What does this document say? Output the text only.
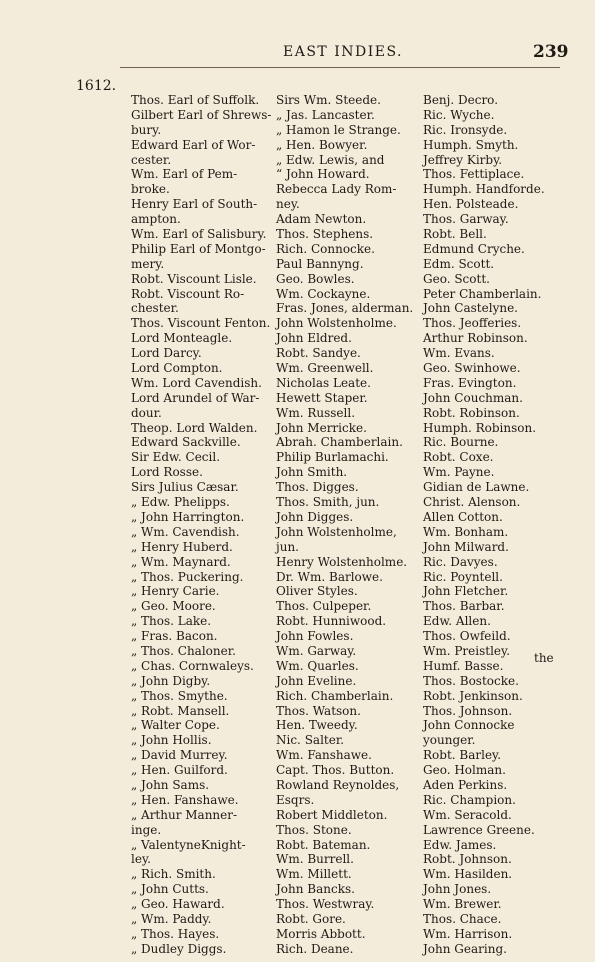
EAST INDIES.	239
1612.
Thos. Earl of Suffolk.
Gilbert Earl of Shrews-
bury.
Edward Earl of Wor-
cester.
Wm. Earl of Pem-
broke.
Henry Earl of South-
ampton.
Wm. Earl of Salisbury.
Philip Earl of Montgo-
mery.
Robt. Viscount Lisle.
Robt. Viscount Ro-
chester.
Thos. Viscount Fenton.
Lord Monteagle.
Lord Darcy.
Lord Compton.
Wm. Lord Cavendish.
Lord Arundel of War-
dour.
Theop. Lord Walden.
Edward Sackville.
Sir Edw. Cecil.
Lord Rosse.
Sirs Julius Cæsar.
„ Edw. Phelipps.
„ John Harrington.
„ Wm. Cavendish.
„ Henry Huberd.
„ Wm. Maynard.
„ Thos. Puckering.
„ Henry Carie.
„ Geo. Moore.
„ Thos. Lake.
„ Fras. Bacon.
„ Thos. Chaloner.
„ Chas. Cornwaleys.
„ John Digby.
„ Thos. Smythe.
„ Robt. Mansell.
„ Walter Cope.
„ John Hollis.
„ David Murrey.
„ Hen. Guilford.
„ John Sams.
„ Hen. Fanshawe.
„ Arthur Manner-
inge.
„ ValentyneKnight-
ley.
„ Rich. Smith.
„ John Cutts.
„ Geo. Haward.
„ Wm. Paddy.
„ Thos. Hayes.
„ Dudley Diggs.
Sirs Wm. Steede.
„ Jas. Lancaster.
„ Hamon le Strange.
„ Hen. Bowyer.
„ Edw. Lewis, and
“ John Howard.
Rebecca Lady Rom-
ney.
Adam Newton.
Thos. Stephens.
Rich. Connocke.
Paul Bannyng.
Geo. Bowles.
Wm. Cockayne.
Fras. Jones, alderman.
John Wolstenholme.
John Eldred.
Robt. Sandye.
Wm. Greenwell.
Nicholas Leate.
Hewett Staper.
Wm. Russell.
John Merricke.
Abrah. Chamberlain.
Philip Burlamachi.
John Smith.
Thos. Digges.
Thos. Smith, jun.
John Digges.
John Wolstenholme,
jun.
Henry Wolstenholme.
Dr. Wm. Barlowe.
Oliver Styles.
Thos. Culpeper.
Robt. Hunniwood.
John Fowles.
Wm. Garway.
Wm. Quarles.
John Eveline.
Rich. Chamberlain.
Thos. Watson.
Hen. Tweedy.
Nic. Salter.
Wm. Fanshawe.
Capt. Thos. Button.
Rowland Reynoldes,
Esqrs.
Robert Middleton.
Thos. Stone.
Robt. Bateman.
Wm. Burrell.
Wm. Millett.
John Bancks.
Thos. Westwray.
Robt. Gore.
Morris Abbott.
Rich. Deane.
Benj. Decro.
Ric. Wyche.
Ric. Ironsyde.
Humph. Smyth.
Jeffrey Kirby.
Thos. Fettiplace.
Humph. Handforde.
Hen. Polsteade.
Thos. Garway.
Robt. Bell.
Edmund Cryche.
Edm. Scott.
Geo. Scott.
Peter Chamberlain.
John Castelyne.
Thos. Jeofferies.
Arthur Robinson.
Wm. Evans.
Geo. Swinhowe.
Fras. Evington.
John Couchman.
Robt. Robinson.
Humph. Robinson.
Ric. Bourne.
Robt. Coxe.
Wm. Payne.
Gidian de Lawne.
Christ. Alenson.
Allen Cotton.
Wm. Bonham.
John Milward.
Ric. Davyes.
Ric. Poyntell.
John Fletcher.
Thos. Barbar.
Edw. Allen.
Thos. Owfeild.
Wm. Preistley.
Humf. Basse.
Thos. Bostocke.
Robt. Jenkinson.
Thos. Johnson.
John Connocke
younger.
Robt. Barley.
Geo. Holman.
Aden Perkins.
Ric. Champion.
Wm. Seracold.
Lawrence Greene.
Edw. James.
Robt. Johnson.
Wm. Hasilden.
John Jones.
Wm. Brewer.
Thos. Chace.
Wm. Harrison.
John Gearing.
the
